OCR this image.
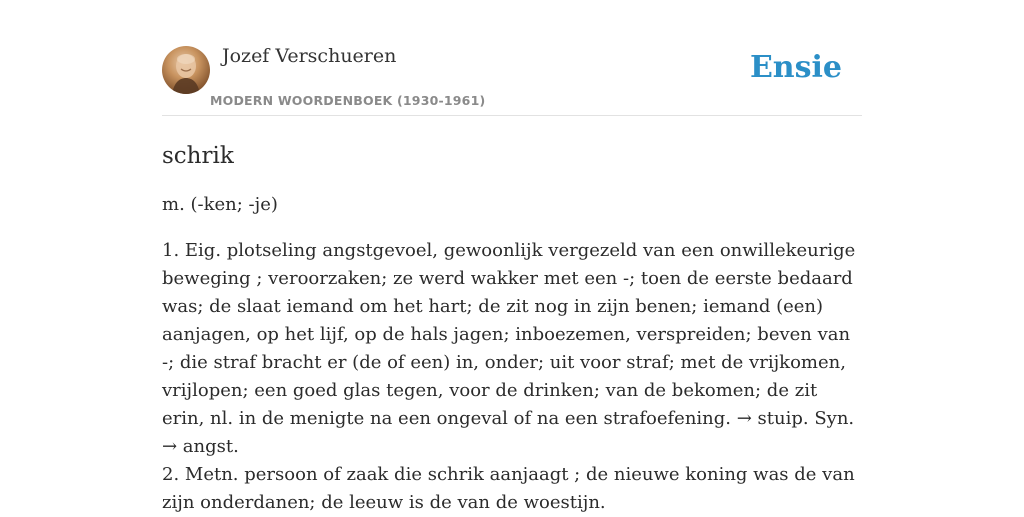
Jozef Verschueren
MODERN WOORDENBOEK (1930-1961)
Ensie
schrik
m. (-ken; -je)

1. Eig. plotseling angstgevoel, gewoonlijk vergezeld van een onwillekeurige beweging ; veroorzaken; ze werd wakker met een -; toen de eerste bedaard was; de slaat iemand om het hart; de zit nog in zijn benen; iemand (een) aanjagen, op het lijf, op de hals jagen; inboezemen, verspreiden; beven van -; die straf bracht er (de of een) in, onder; uit voor straf; met de vrijkomen, vrijlopen; een goed glas tegen, voor de drinken; van de bekomen; de zit erin, nl. in de menigte na een ongeval of na een strafoefening. → stuip. Syn. → angst.

2. Metn. persoon of zaak die schrik aanjaagt ; de nieuwe koning was de van zijn onderdanen; de leeuw is de van de woestijn.
